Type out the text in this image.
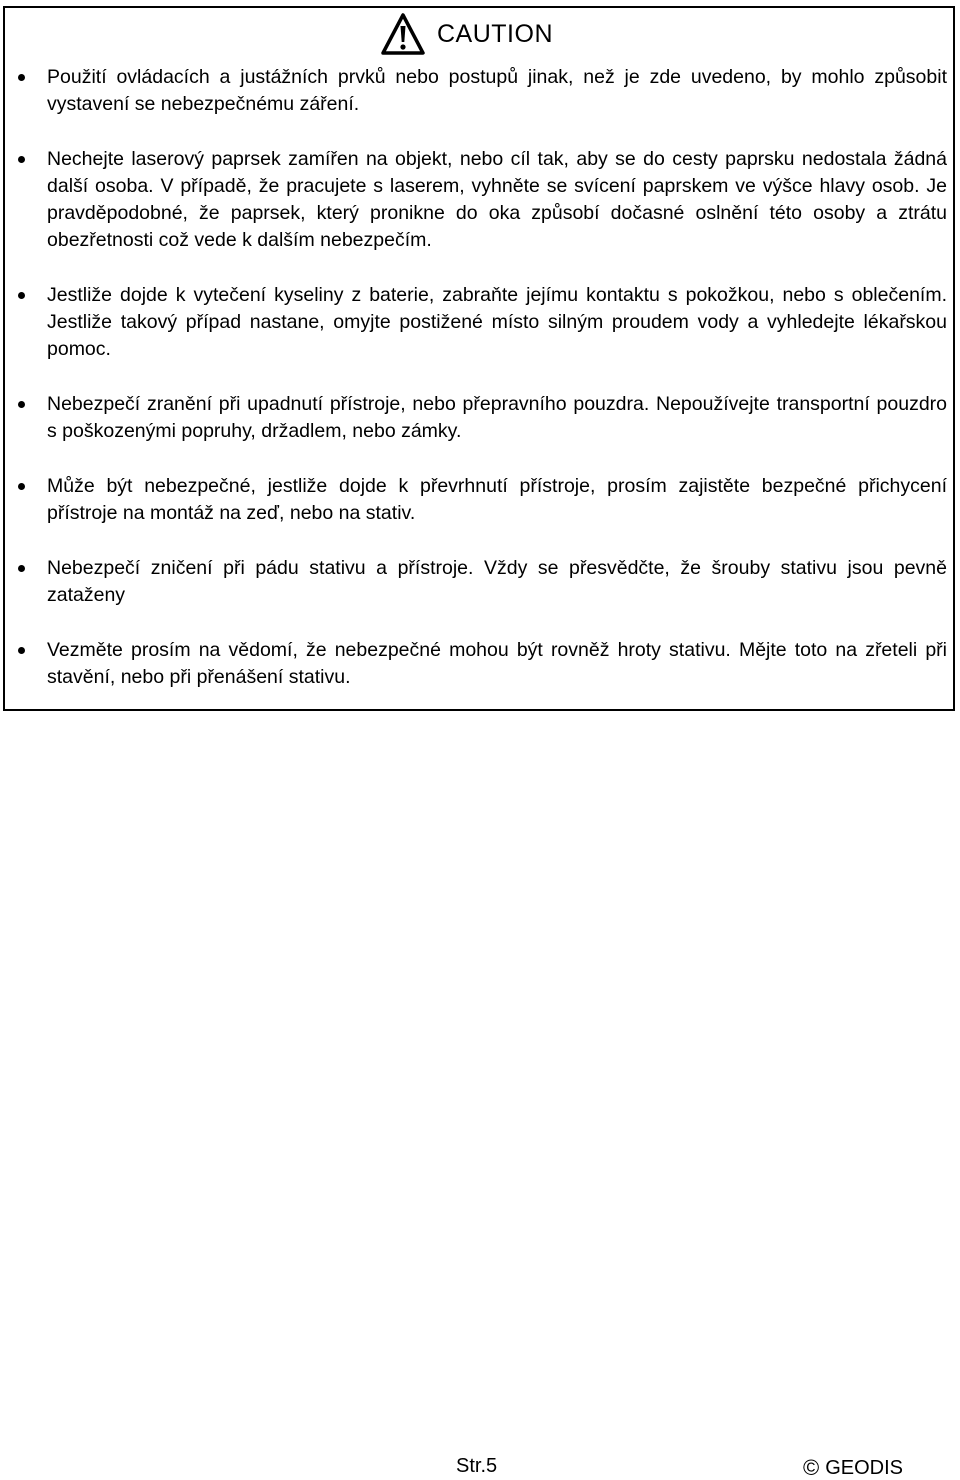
CAUTION
Použití ovládacích a justážních prvků nebo postupů jinak, než je zde uvedeno, by mohlo způsobit vystavení se nebezpečnému záření.
Nechejte laserový paprsek zamířen na objekt, nebo cíl tak, aby se do cesty paprsku nedostala žádná další osoba. V případě, že pracujete s laserem, vyhněte se svícení paprskem ve výšce hlavy osob. Je pravděpodobné, že paprsek, který pronikne do oka způsobí dočasné oslnění této osoby a ztrátu obezřetnosti což vede k dalším nebezpečím.
Jestliže dojde k vytečení kyseliny z baterie, zabraňte jejímu kontaktu s pokožkou, nebo s oblečením. Jestliže takový případ nastane, omyjte postižené místo silným proudem vody a vyhledejte lékařskou pomoc.
Nebezpečí zranění při upadnutí přístroje, nebo přepravního pouzdra. Nepoužívejte transportní pouzdro s poškozenými popruhy, držadlem, nebo zámky.
Může být nebezpečné, jestliže dojde k převrhnutí přístroje, prosím zajistěte bezpečné přichycení přístroje na montáž na zeď, nebo na stativ.
Nebezpečí zničení při pádu stativu a přístroje. Vždy se přesvědčte, že šrouby stativu jsou pevně zataženy
Vezměte prosím na vědomí, že nebezpečné mohou být rovněž hroty stativu. Mějte toto na zřeteli při stavění, nebo při přenášení stativu.
Str.5	© GEODIS
